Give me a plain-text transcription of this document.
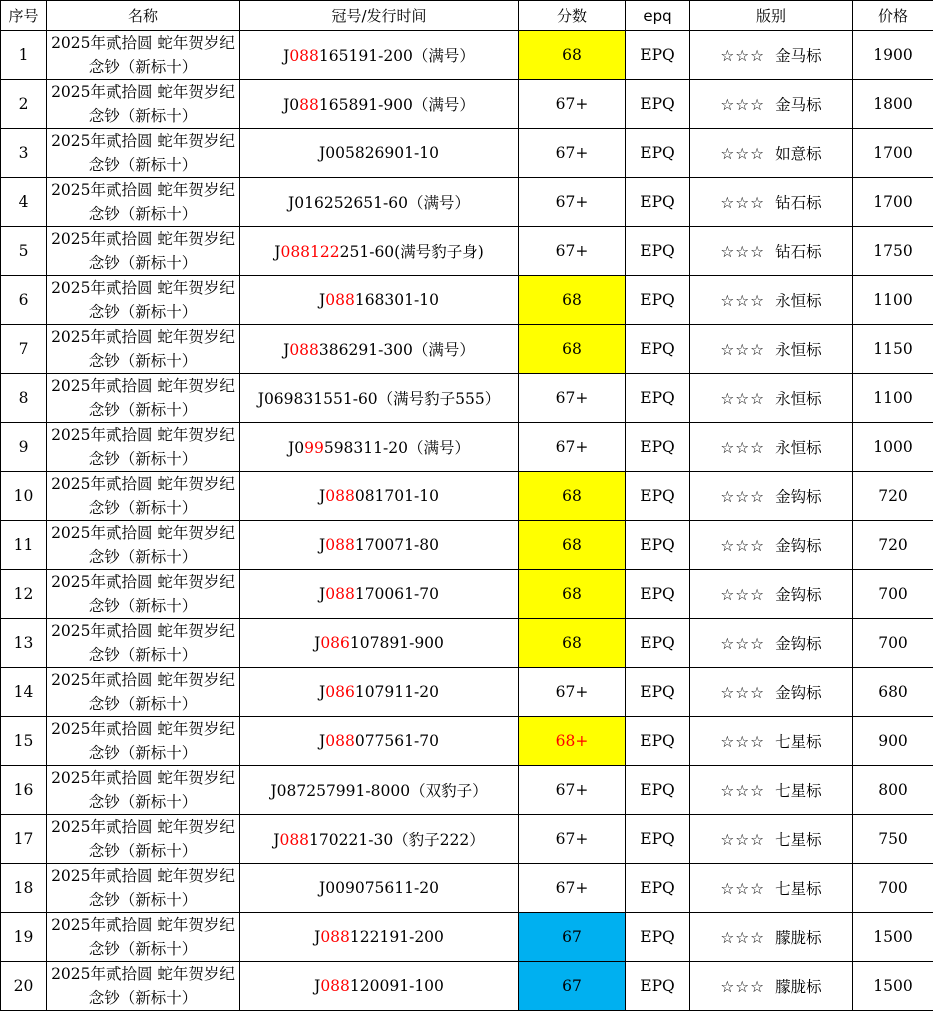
序号	名称	冠号/发行时间	分数	epq	版别	价格
1	2025年贰拾圆 蛇年贺岁纪念钞（新标十）	J088165191-200（满号）	68	EPQ	☆☆☆ 金马标	1900
2	2025年贰拾圆 蛇年贺岁纪念钞（新标十）	J088165891-900（满号）	67+	EPQ	☆☆☆ 金马标	1800
3	2025年贰拾圆 蛇年贺岁纪念钞（新标十）	J005826901-10	67+	EPQ	☆☆☆ 如意标	1700
4	2025年贰拾圆 蛇年贺岁纪念钞（新标十）	J016252651-60（满号）	67+	EPQ	☆☆☆ 钻石标	1700
5	2025年贰拾圆 蛇年贺岁纪念钞（新标十）	J088122251-60(满号豹子身)	67+	EPQ	☆☆☆ 钻石标	1750
6	2025年贰拾圆 蛇年贺岁纪念钞（新标十）	J088168301-10	68	EPQ	☆☆☆ 永恒标	1100
7	2025年贰拾圆 蛇年贺岁纪念钞（新标十）	J088386291-300（满号）	68	EPQ	☆☆☆ 永恒标	1150
8	2025年贰拾圆 蛇年贺岁纪念钞（新标十）	J069831551-60（满号豹子555）	67+	EPQ	☆☆☆ 永恒标	1100
9	2025年贰拾圆 蛇年贺岁纪念钞（新标十）	J099598311-20（满号）	67+	EPQ	☆☆☆ 永恒标	1000
10	2025年贰拾圆 蛇年贺岁纪念钞（新标十）	J088081701-10	68	EPQ	☆☆☆ 金钩标	720
11	2025年贰拾圆 蛇年贺岁纪念钞（新标十）	J088170071-80	68	EPQ	☆☆☆ 金钩标	720
12	2025年贰拾圆 蛇年贺岁纪念钞（新标十）	J088170061-70	68	EPQ	☆☆☆ 金钩标	700
13	2025年贰拾圆 蛇年贺岁纪念钞（新标十）	J086107891-900	68	EPQ	☆☆☆ 金钩标	700
14	2025年贰拾圆 蛇年贺岁纪念钞（新标十）	J086107911-20	67+	EPQ	☆☆☆ 金钩标	680
15	2025年贰拾圆 蛇年贺岁纪念钞（新标十）	J088077561-70	68+	EPQ	☆☆☆ 七星标	900
16	2025年贰拾圆 蛇年贺岁纪念钞（新标十）	J087257991-8000（双豹子）	67+	EPQ	☆☆☆ 七星标	800
17	2025年贰拾圆 蛇年贺岁纪念钞（新标十）	J088170221-30（豹子222）	67+	EPQ	☆☆☆ 七星标	750
18	2025年贰拾圆 蛇年贺岁纪念钞（新标十）	J009075611-20	67+	EPQ	☆☆☆ 七星标	700
19	2025年贰拾圆 蛇年贺岁纪念钞（新标十）	J088122191-200	67	EPQ	☆☆☆ 朦胧标	1500
20	2025年贰拾圆 蛇年贺岁纪念钞（新标十）	J088120091-100	67	EPQ	☆☆☆ 朦胧标	1500
